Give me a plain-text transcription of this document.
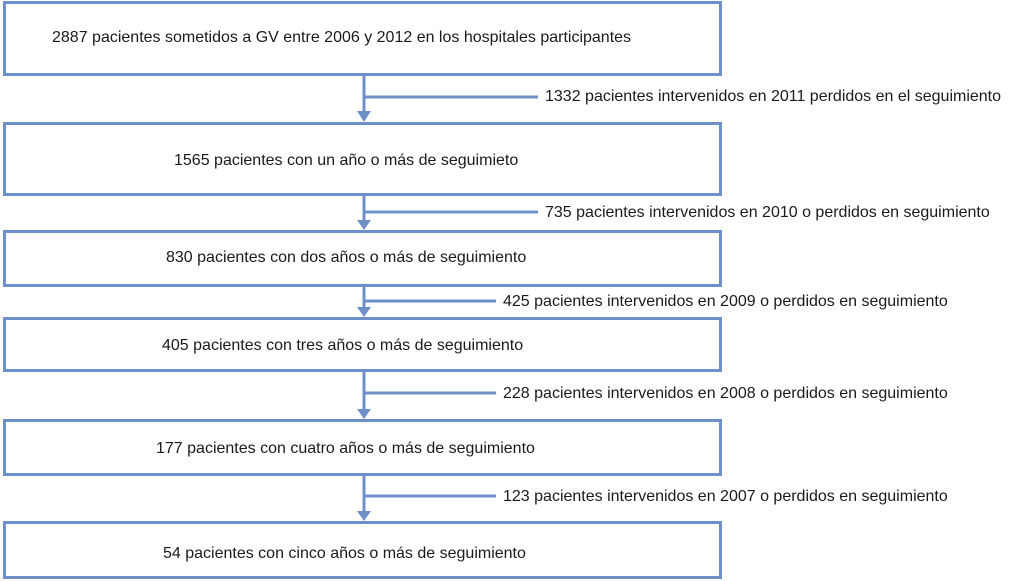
2887 pacientes sometidos a GV entre 2006 y 2012 en los hospitales participantes
1565 pacientes con un año o más de seguimieto
830 pacientes con dos años o más de seguimiento
405 pacientes con tres años o más de seguimiento
177 pacientes con cuatro años o más de seguimiento
54 pacientes con cinco años o más de seguimiento
1332 pacientes intervenidos en 2011 perdidos en el seguimiento
735 pacientes intervenidos en 2010 o perdidos en seguimiento
425 pacientes intervenidos en 2009 o perdidos en seguimiento
228 pacientes intervenidos en 2008 o perdidos en seguimiento
123 pacientes intervenidos en 2007 o perdidos en seguimiento
